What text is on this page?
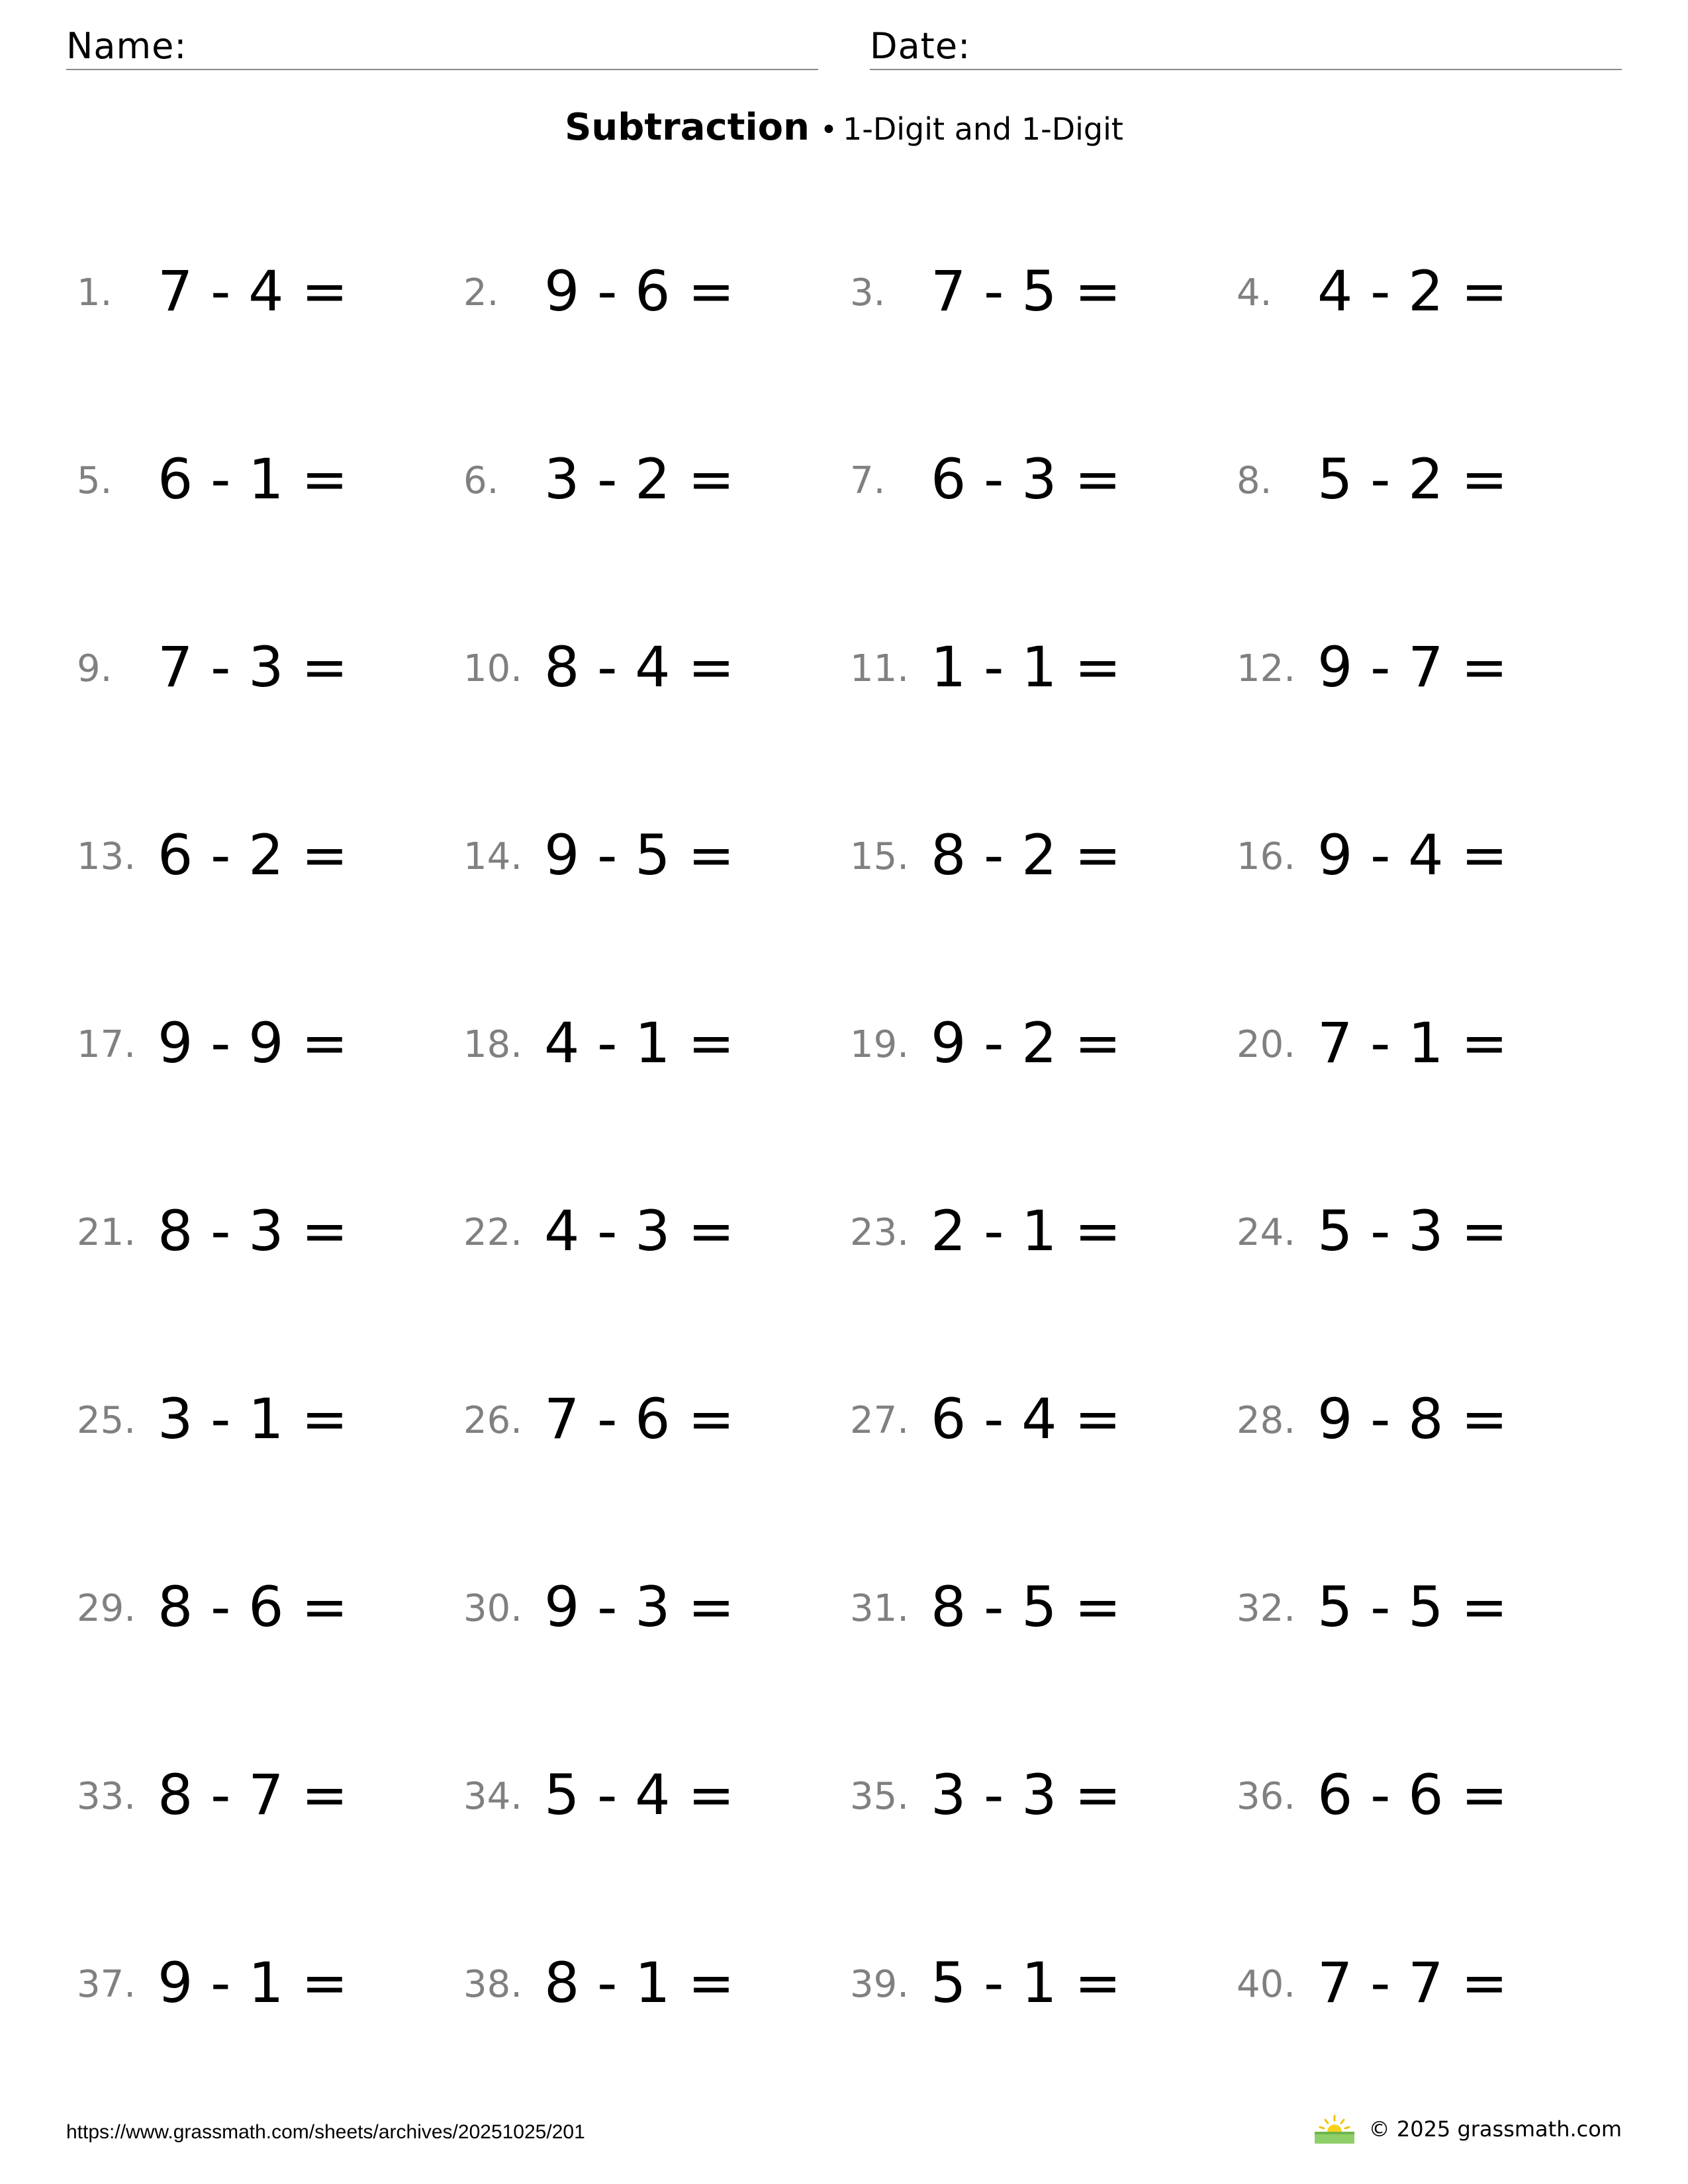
Name:	Date:
Subtraction • 1-Digit and 1-Digit
1. 7 - 4 =	2. 9 - 6 =	3. 7 - 5 =	4. 4 - 2 =
5. 6 - 1 =	6. 3 - 2 =	7. 6 - 3 =	8. 5 - 2 =
9. 7 - 3 =	10. 8 - 4 =	11. 1 - 1 =	12. 9 - 7 =
13. 6 - 2 =	14. 9 - 5 =	15. 8 - 2 =	16. 9 - 4 =
17. 9 - 9 =	18. 4 - 1 =	19. 9 - 2 =	20. 7 - 1 =
21. 8 - 3 =	22. 4 - 3 =	23. 2 - 1 =	24. 5 - 3 =
25. 3 - 1 =	26. 7 - 6 =	27. 6 - 4 =	28. 9 - 8 =
29. 8 - 6 =	30. 9 - 3 =	31. 8 - 5 =	32. 5 - 5 =
33. 8 - 7 =	34. 5 - 4 =	35. 3 - 3 =	36. 6 - 6 =
37. 9 - 1 =	38. 8 - 1 =	39. 5 - 1 =	40. 7 - 7 =
https://www.grassmath.com/sheets/archives/20251025/201	© 2025 grassmath.com
